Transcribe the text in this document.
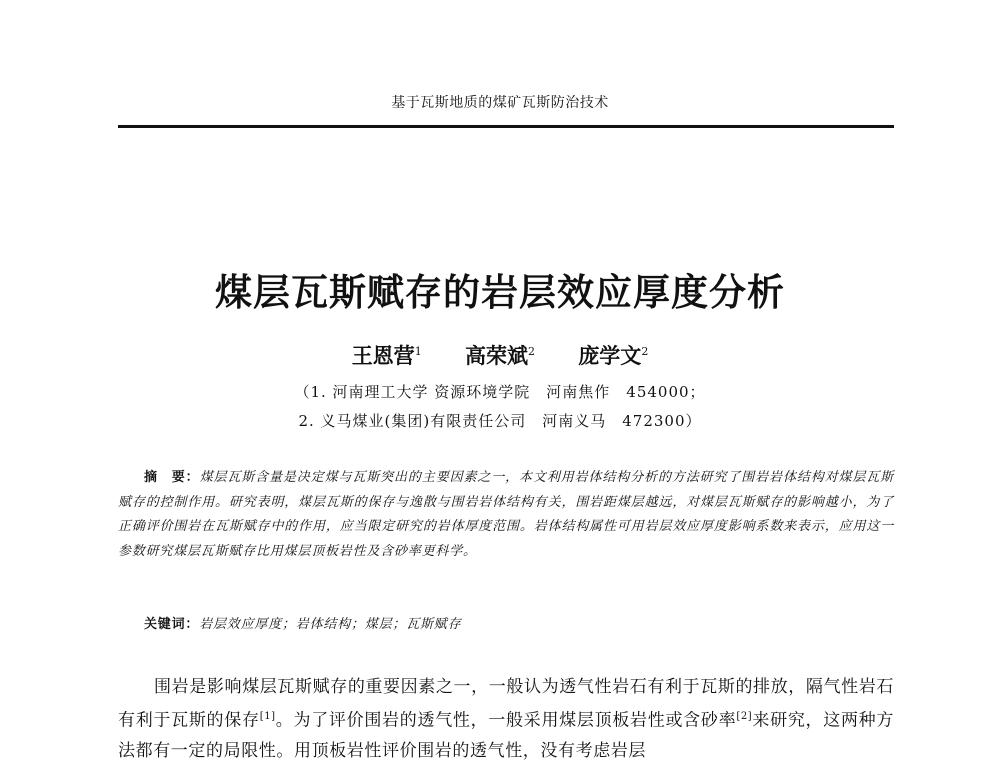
基于瓦斯地质的煤矿瓦斯防治技术
煤层瓦斯赋存的岩层效应厚度分析
王恩营$^1$ 高荣斌$^2$ 庞学文$^2$
（1. 河南理工大学 资源环境学院　河南焦作　454000；
2. 义马煤业(集团)有限责任公司　河南义马　472300）
摘　要：煤层瓦斯含量是决定煤与瓦斯突出的主要因素之一，本文利用岩体结构分析的方法研究了围岩岩体结构对煤层瓦斯赋存的控制作用。研究表明，煤层瓦斯的保存与逸散与围岩岩体结构有关，围岩距煤层越远，对煤层瓦斯赋存的影响越小，为了正确评价围岩在瓦斯赋存中的作用，应当限定研究的岩体厚度范围。岩体结构属性可用岩层效应厚度影响系数来表示，应用这一参数研究煤层瓦斯赋存比用煤层顶板岩性及含砂率更科学。
关键词：岩层效应厚度；岩体结构；煤层；瓦斯赋存
围岩是影响煤层瓦斯赋存的重要因素之一，一般认为透气性岩石有利于瓦斯的排放，隔气性岩石有利于瓦斯的保存[1]。为了评价围岩的透气性，一般采用煤层顶板岩性或含砂率[2]来研究，这两种方法都有一定的局限性。用顶板岩性评价围岩的透气性，没有考虑岩层
